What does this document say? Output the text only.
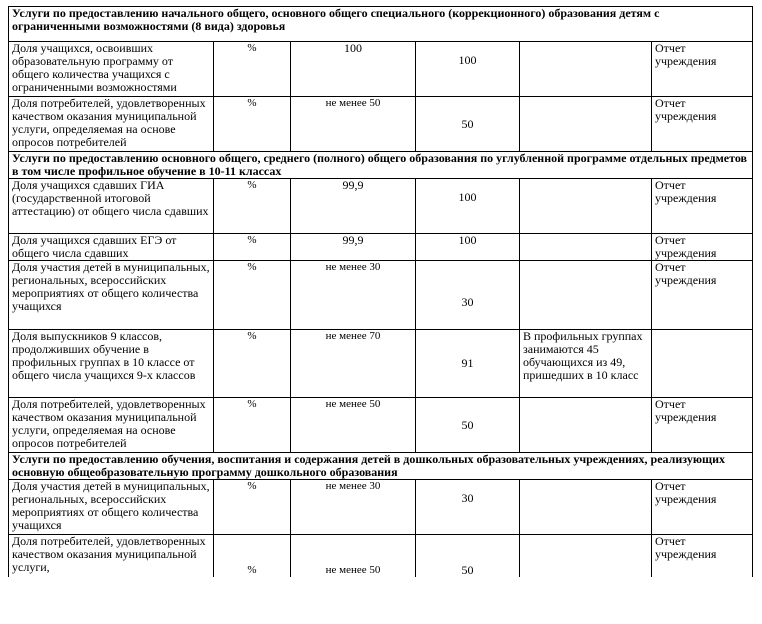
Услуги по предоставлению начального общего, основного общего специального (коррекционного) образования детям с ограниченными возможностями (8 вида) здоровья					
Доля учащихся, освоивших образовательную программу от общего количества учащихся с ограниченными возможностями	%	100	100		Отчет учреждения
Доля потребителей, удовлетворенных качеством оказания муниципальной услуги, определяемая на основе опросов потребителей	%	не менее 50	50		Отчет учреждения
Услуги по предоставлению основного общего, среднего (полного) общего образования по углубленной программе отдельных предметов в том числе профильное обучение в 10-11 классах					
Доля учащихся сдавших ГИА (государственной итоговой аттестацию) от общего числа сдавших	%	99,9	100		Отчет учреждения
Доля учащихся сдавших ЕГЭ от общего числа сдавших	%	99,9	100		Отчет учреждения
Доля участия детей в муниципальных, региональных, всероссийских мероприятиях от общего количества учащихся	%	не менее 30	30		Отчет учреждения
Доля выпускников 9 классов, продолживших обучение в профильных группах в 10 классе от общего числа учащихся 9-х классов	%	не менее 70	91	В профильных группах занимаются 45 обучающихся из 49, пришедших в 10 класс	
Доля потребителей, удовлетворенных качеством оказания муниципальной услуги, определяемая на основе опросов потребителей	%	не менее 50	50		Отчет учреждения
Услуги по предоставлению обучения, воспитания и содержания детей в дошкольных образовательных учреждениях, реализующих основную общеобразовательную программу дошкольного образования					
Доля участия детей в муниципальных, региональных, всероссийских мероприятиях от общего количества учащихся	%	не менее 30	30		Отчет учреждения
Доля потребителей, удовлетворенных качеством оказания муниципальной услуги,	%	не менее 50	50		Отчет учреждения
